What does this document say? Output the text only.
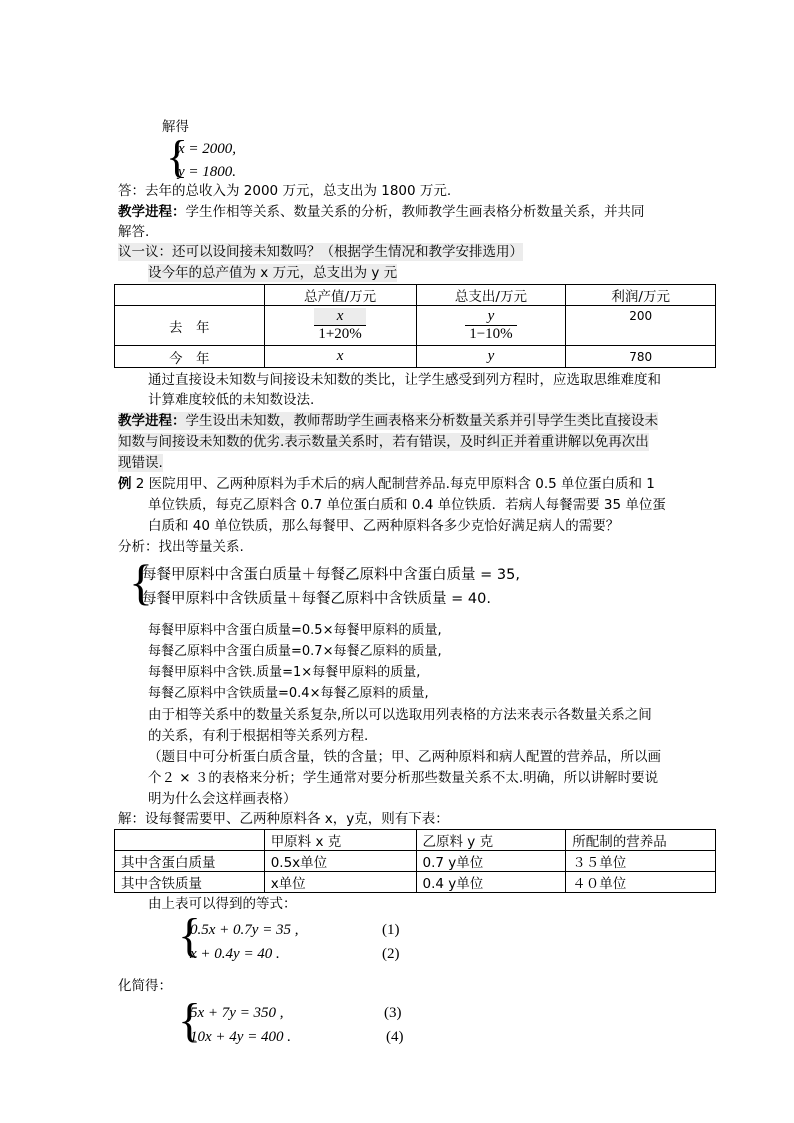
解得
{
x = 2000,
y = 1800.
答：去年的总收入为 2000 万元，总支出为 1800 万元.
教学进程：学生作相等关系、数量关系的分析，教师教学生画表格分析数量关系，并共同
解答.
议一议：还可以设间接未知数吗？（根据学生情况和教学安排选用）
设今年的总产值为 x 万元，总支出为 y 元
	总产值/万元	总支出/万元	利润/万元
去　年	$\frac{x}{1+20\%}$	$\frac{y}{1-10\%}$	200
今　年	x	y	780
通过直接设未知数与间接设未知数的类比，让学生感受到列方程时，应选取思维难度和
计算难度较低的未知数设法.
教学进程：学生设出未知数，教师帮助学生画表格来分析数量关系并引导学生类比直接设未
知数与间接设未知数的优劣.表示数量关系时，若有错误，及时纠正并着重讲解以免再次出
现错误.
例 2 医院用甲、乙两种原料为手术后的病人配制营养品.每克甲原料含 0.5 单位蛋白质和 1
单位铁质，每克乙原料含 0.7 单位蛋白质和 0.4 单位铁质．若病人每餐需要 35 单位蛋
白质和 40 单位铁质，那么每餐甲、乙两种原料各多少克恰好满足病人的需要？
分析：找出等量关系.
{
每餐甲原料中含蛋白质量＋每餐乙原料中含蛋白质量 = 35,
每餐甲原料中含铁质量＋每餐乙原料中含铁质量 = 40.
每餐甲原料中含蛋白质量=0.5×每餐甲原料的质量,
每餐乙原料中含蛋白质量=0.7×每餐乙原料的质量,
每餐甲原料中含铁.质量=1×每餐甲原料的质量,
每餐乙原料中含铁质量=0.4×每餐乙原料的质量,
由于相等关系中的数量关系复杂,所以可以选取用列表格的方法来表示各数量关系之间
的关系，有利于根据相等关系列方程.
（题目中可分析蛋白质含量，铁的含量；甲、乙两种原料和病人配置的营养品，所以画
个２ × ３的表格来分析；学生通常对要分析那些数量关系不太.明确，所以讲解时要说
明为什么会这样画表格）
解：设每餐需要甲、乙两种原料各 x，y克，则有下表：
	甲原料 x 克	乙原料 y 克	所配制的营养品
其中含蛋白质量	0.5x单位	0.7 y单位	３５单位
其中含铁质量	x单位	0.4 y单位	４０单位
由上表可以得到的等式：
{
0.5x + 0.7y = 35 ,	(1)
x + 0.4y = 40 .	(2)
化简得：
{
5x + 7y = 350 ,	(3)
10x + 4y = 400 .	(4)
